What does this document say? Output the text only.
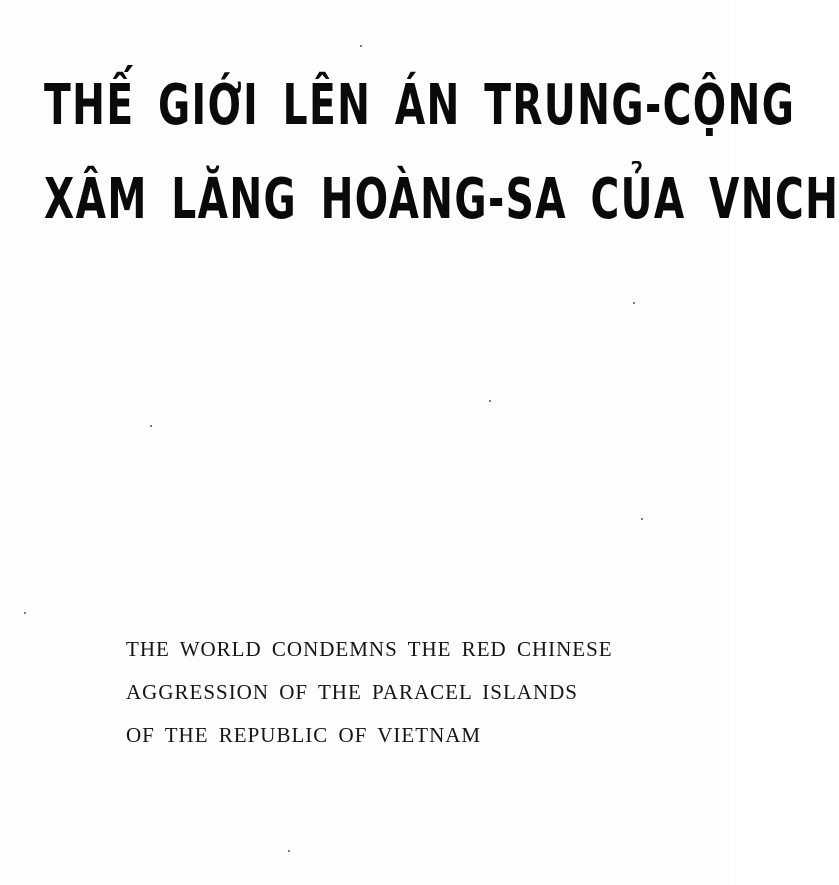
THẾ GIỚI LÊN ÁN TRUNG-CỘNG
XÂM LĂNG HOÀNG-SA CỦA VNCH

THE WORLD CONDEMNS THE RED CHINESE

AGGRESSION OF THE PARACEL ISLANDS

OF THE REPUBLIC OF VIETNAM
